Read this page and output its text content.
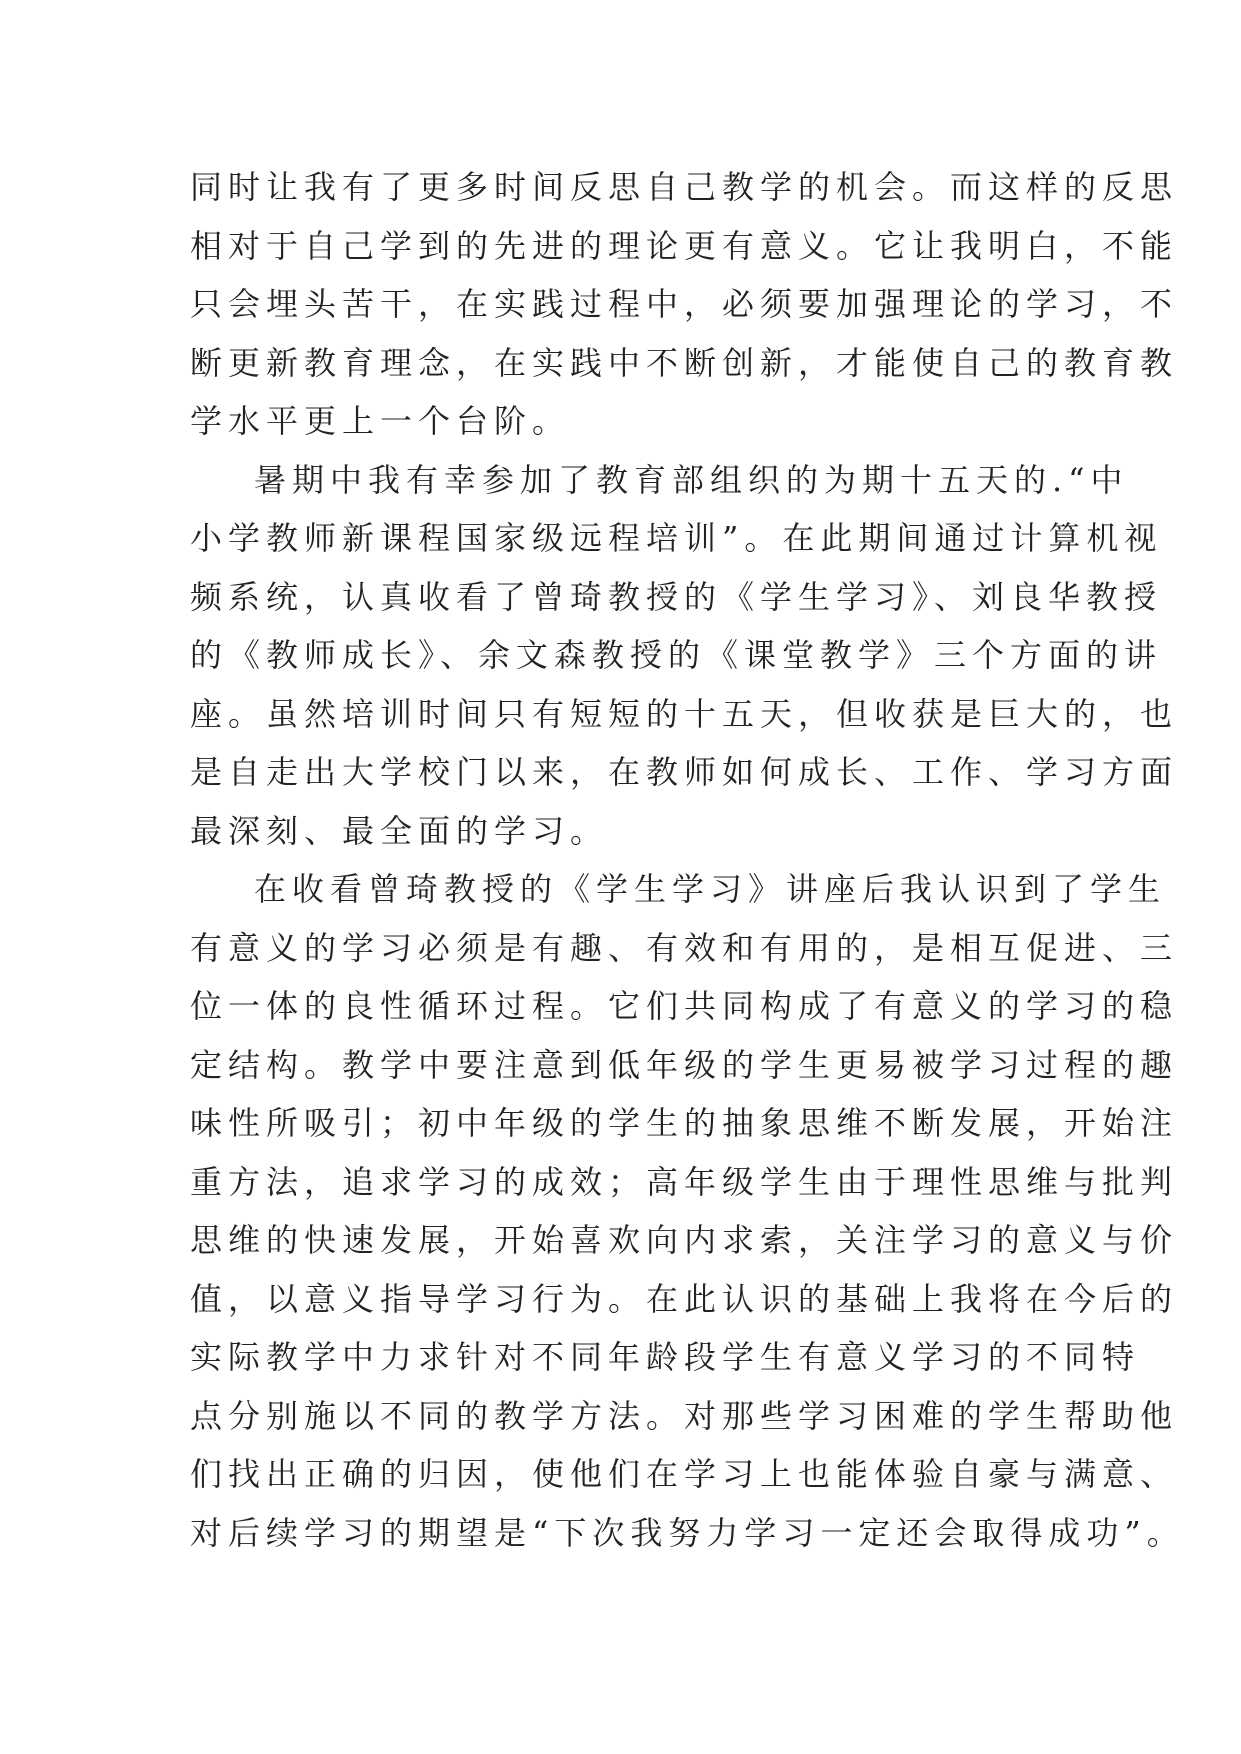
同时让我有了更多时间反思自己教学的机会。而这样的反思
相对于自己学到的先进的理论更有意义。它让我明白，不能
只会埋头苦干，在实践过程中，必须要加强理论的学习，不
断更新教育理念，在实践中不断创新，才能使自己的教育教
学水平更上一个台阶。
暑期中我有幸参加了教育部组织的为期十五天的.“中
小学教师新课程国家级远程培训”。在此期间通过计算机视
频系统，认真收看了曾琦教授的《学生学习》、刘良华教授
的《教师成长》、余文森教授的《课堂教学》三个方面的讲
座。虽然培训时间只有短短的十五天，但收获是巨大的，也
是自走出大学校门以来，在教师如何成长、工作、学习方面
最深刻、最全面的学习。
在收看曾琦教授的《学生学习》讲座后我认识到了学生
有意义的学习必须是有趣、有效和有用的，是相互促进、三
位一体的良性循环过程。它们共同构成了有意义的学习的稳
定结构。教学中要注意到低年级的学生更易被学习过程的趣
味性所吸引；初中年级的学生的抽象思维不断发展，开始注
重方法，追求学习的成效；高年级学生由于理性思维与批判
思维的快速发展，开始喜欢向内求索，关注学习的意义与价
值，以意义指导学习行为。在此认识的基础上我将在今后的
实际教学中力求针对不同年龄段学生有意义学习的不同特
点分别施以不同的教学方法。对那些学习困难的学生帮助他
们找出正确的归因，使他们在学习上也能体验自豪与满意、
对后续学习的期望是“下次我努力学习一定还会取得成功”。
